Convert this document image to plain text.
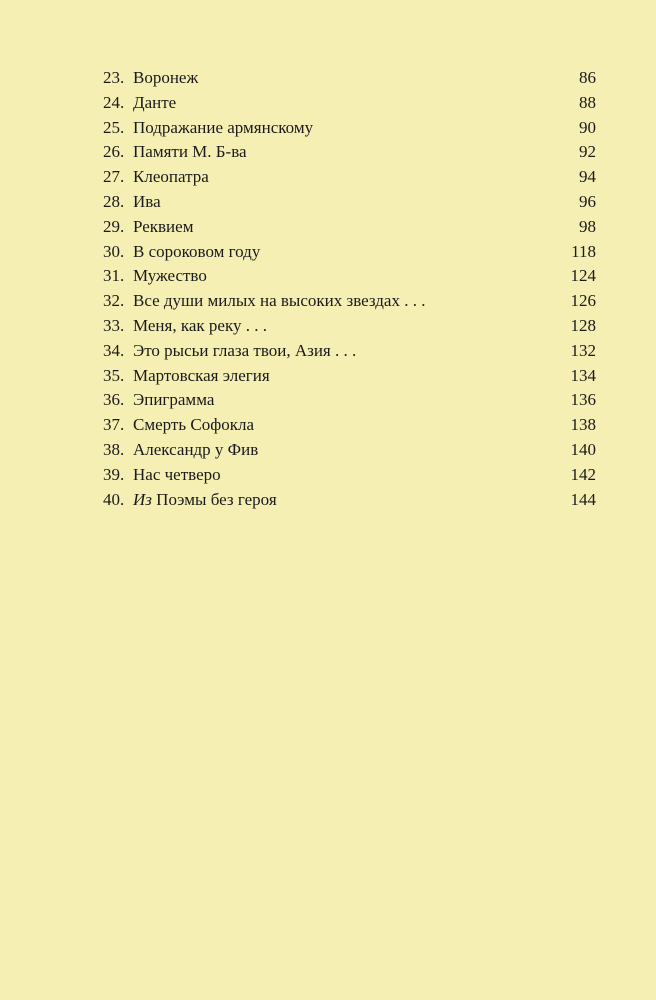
23. Воронеж	86
24. Данте	88
25. Подражание армянскому	90
26. Памяти М. Б-ва	92
27. Клеопатра	94
28. Ива	96
29. Реквием	98
30. В сороковом году	118
31. Мужество	124
32. Все души милых на высоких звездах . . .	126
33. Меня, как реку . . .	128
34. Это рысьи глаза твои, Азия . . .	132
35. Мартовская элегия	134
36. Эпиграмма	136
37. Смерть Софокла	138
38. Александр у Фив	140
39. Нас четверо	142
40. Из Поэмы без героя	144
